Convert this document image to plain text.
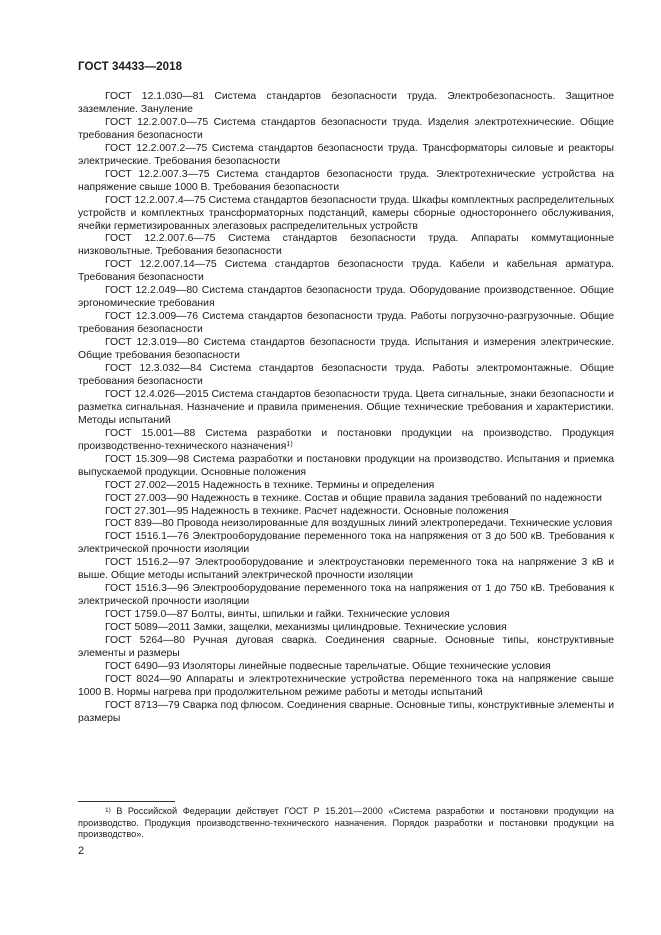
ГОСТ 34433—2018
ГОСТ 12.1.030—81 Система стандартов безопасности труда. Электробезопасность. Защитное заземление. Зануление
ГОСТ 12.2.007.0—75 Система стандартов безопасности труда. Изделия электротехнические. Общие требования безопасности
ГОСТ 12.2.007.2—75 Система стандартов безопасности труда. Трансформаторы силовые и реакторы электрические. Требования безопасности
ГОСТ 12.2.007.3—75 Система стандартов безопасности труда. Электротехнические устройства на напряжение свыше 1000 В. Требования безопасности
ГОСТ 12.2.007.4—75 Система стандартов безопасности труда. Шкафы комплектных распределительных устройств и комплектных трансформаторных подстанций, камеры сборные одностороннего обслуживания, ячейки герметизированных элегазовых распределительных устройств
ГОСТ 12.2.007.6—75 Система стандартов безопасности труда. Аппараты коммутационные низковольтные. Требования безопасности
ГОСТ 12.2.007.14—75 Система стандартов безопасности труда. Кабели и кабельная арматура. Требования безопасности
ГОСТ 12.2.049—80 Система стандартов безопасности труда. Оборудование производственное. Общие эргономические требования
ГОСТ 12.3.009—76 Система стандартов безопасности труда. Работы погрузочно-разгрузочные. Общие требования безопасности
ГОСТ 12.3.019—80 Система стандартов безопасности труда. Испытания и измерения электрические. Общие требования безопасности
ГОСТ 12.3.032—84 Система стандартов безопасности труда. Работы электромонтажные. Общие требования безопасности
ГОСТ 12.4.026—2015 Система стандартов безопасности труда. Цвета сигнальные, знаки безопасности и разметка сигнальная. Назначение и правила применения. Общие технические требования и характеристики. Методы испытаний
ГОСТ 15.001—88 Система разработки и постановки продукции на производство. Продукция производственно-технического назначения$^{1)}$
ГОСТ 15.309—98 Система разработки и постановки продукции на производство. Испытания и приемка выпускаемой продукции. Основные положения
ГОСТ 27.002—2015 Надежность в технике. Термины и определения
ГОСТ 27.003—90 Надежность в технике. Состав и общие правила задания требований по надежности
ГОСТ 27.301—95 Надежность в технике. Расчет надежности. Основные положения
ГОСТ 839—80 Провода неизолированные для воздушных линий электропередачи. Технические условия
ГОСТ 1516.1—76 Электрооборудование переменного тока на напряжения от 3 до 500 кВ. Требования к электрической прочности изоляции
ГОСТ 1516.2—97 Электрооборудование и электроустановки переменного тока на напряжение 3 кВ и выше. Общие методы испытаний электрической прочности изоляции
ГОСТ 1516.3—96 Электрооборудование переменного тока на напряжения от 1 до 750 кВ. Требования к электрической прочности изоляции
ГОСТ 1759.0—87 Болты, винты, шпильки и гайки. Технические условия
ГОСТ 5089—2011 Замки, защелки, механизмы цилиндровые. Технические условия
ГОСТ 5264—80 Ручная дуговая сварка. Соединения сварные. Основные типы, конструктивные элементы и размеры
ГОСТ 6490—93 Изоляторы линейные подвесные тарельчатые. Общие технические условия
ГОСТ 8024—90 Аппараты и электротехнические устройства переменного тока на напряжение свыше 1000 В. Нормы нагрева при продолжительном режиме работы и методы испытаний
ГОСТ 8713—79 Сварка под флюсом. Соединения сварные. Основные типы, конструктивные элементы и размеры
$^{1)}$ В Российской Федерации действует ГОСТ Р 15.201—2000 «Система разработки и постановки продукции на производство. Продукция производственно-технического назначения. Порядок разработки и постановки продукции на производство».
2
